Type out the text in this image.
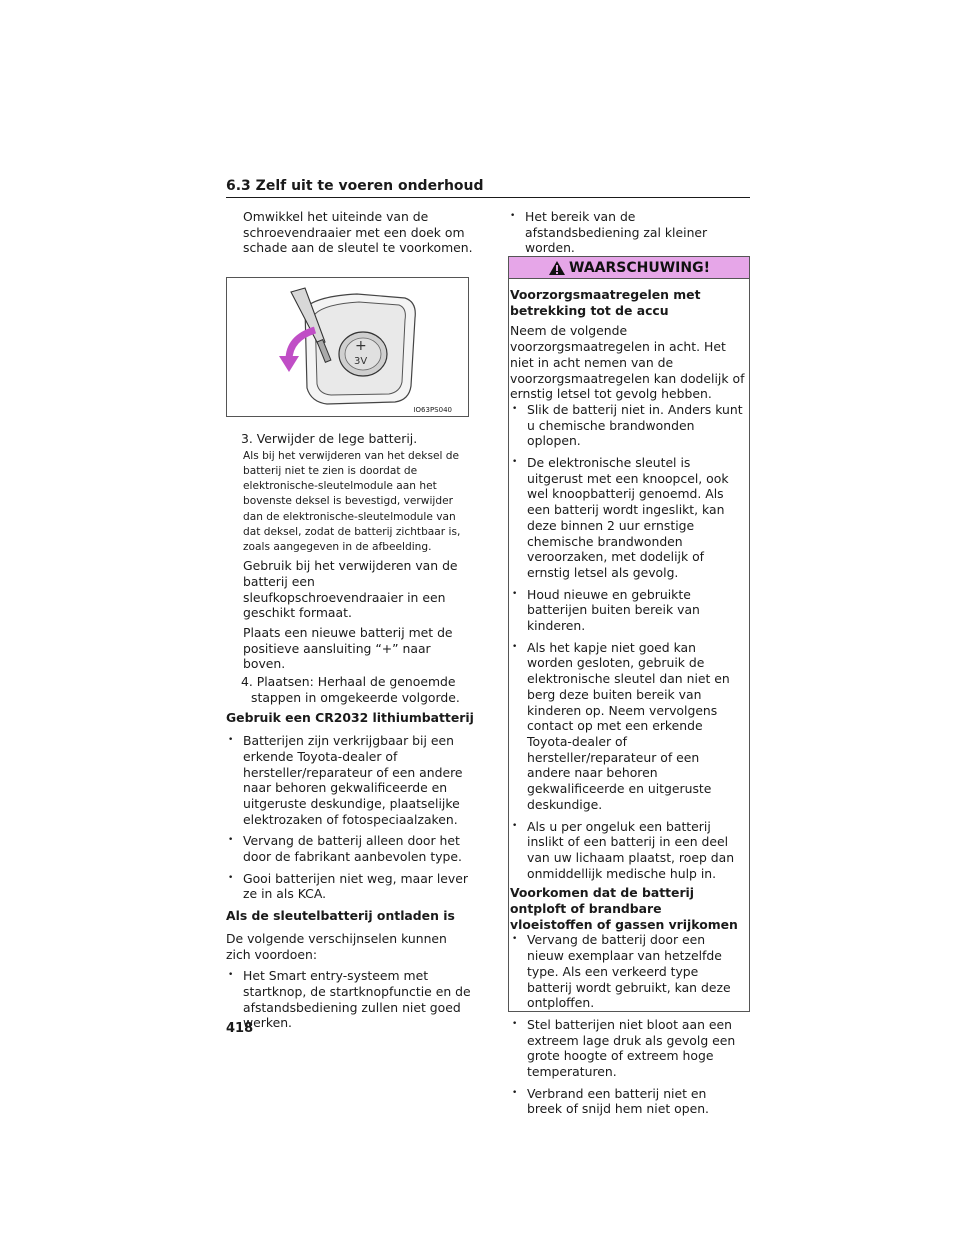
6.3 Zelf uit te voeren onderhoud

Omwikkel het uiteinde van de schroevendraaier met een doek om schade aan de sleutel te voorkomen.

+
3V
IO63PS040

3. Verwijder de lege batterij.

Als bij het verwijderen van het deksel de batterij niet te zien is doordat de elektronische-sleutelmodule aan het bovenste deksel is bevestigd, verwijder dan de elektronische-sleutelmodule van dat deksel, zodat de batterij zichtbaar is, zoals aangegeven in de afbeelding.

Gebruik bij het verwijderen van de batterij een sleufkopschroevendraaier in een geschikt formaat.

Plaats een nieuwe batterij met de positieve aansluiting “+” naar boven.

4. Plaatsen: Herhaal de genoemde stappen in omgekeerde volgorde.

Gebruik een CR2032 lithiumbatterij

• Batterijen zijn verkrijgbaar bij een erkende Toyota-dealer of hersteller/reparateur of een andere naar behoren gekwalificeerde en uitgeruste deskundige, plaatselijke elektrozaken of fotospeciaalzaken.

• Vervang de batterij alleen door het door de fabrikant aanbevolen type.

• Gooi batterijen niet weg, maar lever ze in als KCA.

Als de sleutelbatterij ontladen is

De volgende verschijnselen kunnen zich voordoen:

• Het Smart entry-systeem met startknop, de startknopfunctie en de afstandsbediening zullen niet goed werken.

• Het bereik van de afstandsbediening zal kleiner worden.

WAARSCHUWING!

Voorzorgsmaatregelen met betrekking tot de accu

Neem de volgende voorzorgsmaatregelen in acht. Het niet in acht nemen van de voorzorgsmaatregelen kan dodelijk of ernstig letsel tot gevolg hebben.

• Slik de batterij niet in. Anders kunt u chemische brandwonden oplopen.

• De elektronische sleutel is uitgerust met een knoopcel, ook wel knoopbatterij genoemd. Als een batterij wordt ingeslikt, kan deze binnen 2 uur ernstige chemische brandwonden veroorzaken, met dodelijk of ernstig letsel als gevolg.

• Houd nieuwe en gebruikte batterijen buiten bereik van kinderen.

• Als het kapje niet goed kan worden gesloten, gebruik de elektronische sleutel dan niet en berg deze buiten bereik van kinderen op. Neem vervolgens contact op met een erkende Toyota-dealer of hersteller/reparateur of een andere naar behoren gekwalificeerde en uitgeruste deskundige.

• Als u per ongeluk een batterij inslikt of een batterij in een deel van uw lichaam plaatst, roep dan onmiddellijk medische hulp in.

Voorkomen dat de batterij ontploft of brandbare vloeistoffen of gassen vrijkomen

• Vervang de batterij door een nieuw exemplaar van hetzelfde type. Als een verkeerd type batterij wordt gebruikt, kan deze ontploffen.

• Stel batterijen niet bloot aan een extreem lage druk als gevolg een grote hoogte of extreem hoge temperaturen.

• Verbrand een batterij niet en breek of snijd hem niet open.

418
